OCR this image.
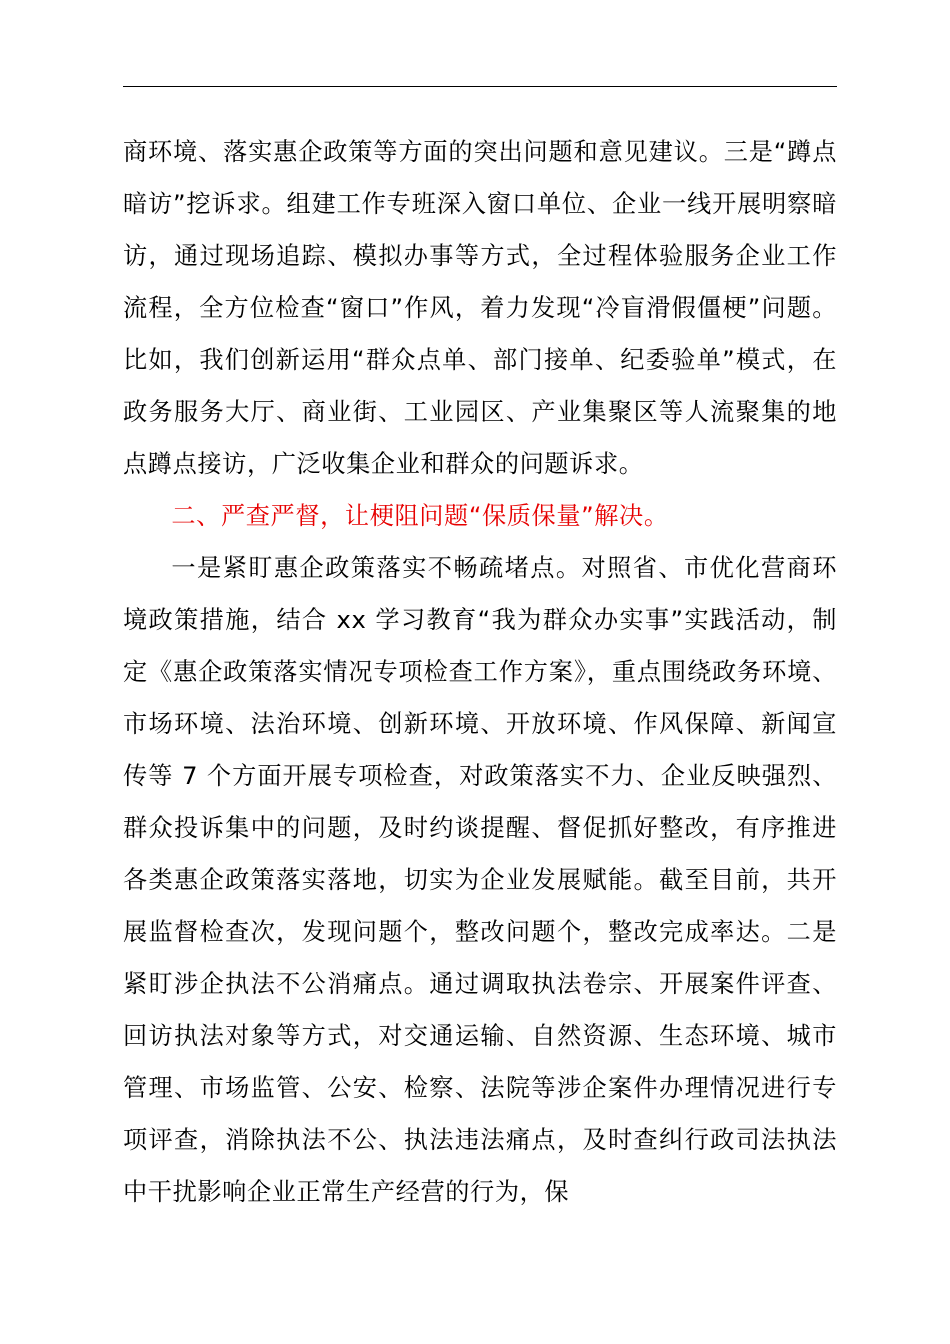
商环境、落实惠企政策等方面的突出问题和意见建议。三是“蹲点暗访”挖诉求。组建工作专班深入窗口单位、企业一线开展明察暗访，通过现场追踪、模拟办事等方式，全过程体验服务企业工作流程，全方位检查“窗口”作风，着力发现“冷盲滑假僵梗”问题。比如，我们创新运用“群众点单、部门接单、纪委验单”模式，在政务服务大厅、商业街、工业园区、产业集聚区等人流聚集的地点蹲点接访，广泛收集企业和群众的问题诉求。

二、严查严督，让梗阻问题“保质保量”解决。

一是紧盯惠企政策落实不畅疏堵点。对照省、市优化营商环境政策措施，结合 xx 学习教育“我为群众办实事”实践活动，制定《惠企政策落实情况专项检查工作方案》，重点围绕政务环境、市场环境、法治环境、创新环境、开放环境、作风保障、新闻宣传等 7 个方面开展专项检查，对政策落实不力、企业反映强烈、群众投诉集中的问题，及时约谈提醒、督促抓好整改，有序推进各类惠企政策落实落地，切实为企业发展赋能。截至目前，共开展监督检查次，发现问题个，整改问题个，整改完成率达。二是紧盯涉企执法不公消痛点。通过调取执法卷宗、开展案件评查、回访执法对象等方式，对交通运输、自然资源、生态环境、城市管理、市场监管、公安、检察、法院等涉企案件办理情况进行专项评查，消除执法不公、执法违法痛点，及时查纠行政司法执法中干扰影响企业正常生产经营的行为，保
